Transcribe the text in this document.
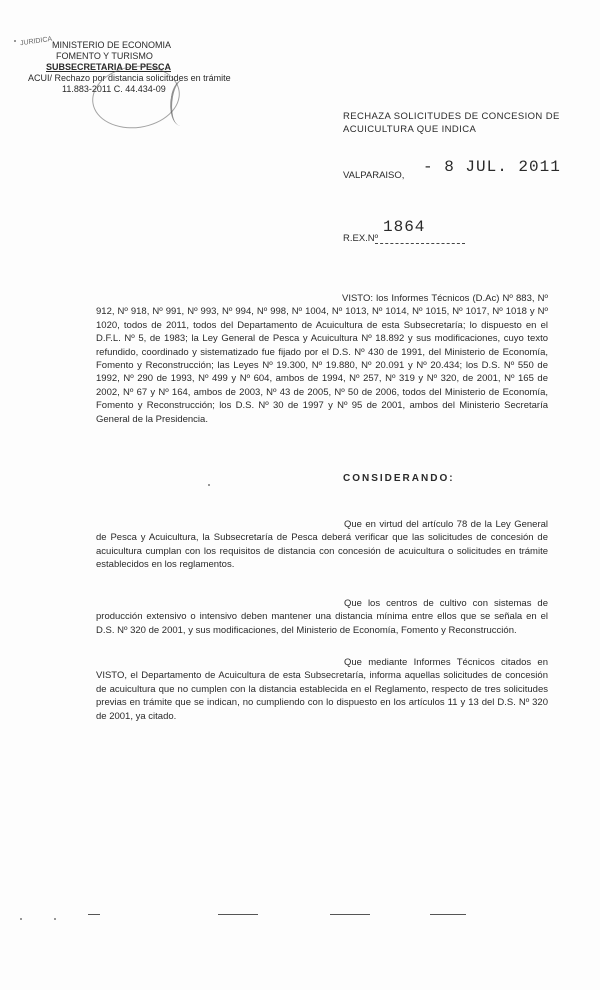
MINISTERIO DE ECONOMIA
FOMENTO Y TURISMO
SUBSECRETARIA DE PESCA
ACUI/ Rechazo por distancia solicitudes en trámite
11.883-2011 C. 44.434-09
JURIDICA
RECHAZA SOLICITUDES DE CONCESION DE ACUICULTURA QUE INDICA
VALPARAISO, - 8 JUL. 2011
R.EX.Nº
1864
VISTO: los Informes Técnicos (D.Ac) Nº 883, Nº 912, Nº 918, Nº 991, Nº 993, Nº 994, Nº 998, Nº 1004, Nº 1013, Nº 1014, Nº 1015, Nº 1017, Nº 1018 y Nº 1020, todos de 2011, todos del Departamento de Acuicultura de esta Subsecretaría; lo dispuesto en el D.F.L. Nº 5, de 1983; la Ley General de Pesca y Acuicultura Nº 18.892 y sus modificaciones, cuyo texto refundido, coordinado y sistematizado fue fijado por el D.S. Nº 430 de 1991, del Ministerio de Economía, Fomento y Reconstrucción; las Leyes Nº 19.300, Nº 19.880, Nº 20.091 y Nº 20.434; los D.S. Nº 550 de 1992, Nº 290 de 1993, Nº 499 y Nº 604, ambos de 1994, Nº 257, Nº 319 y Nº 320, de 2001, Nº 165 de 2002, Nº 67 y Nº 164, ambos de 2003, Nº 43 de 2005, Nº 50 de 2006, todos del Ministerio de Economía, Fomento y Reconstrucción; los D.S. Nº 30 de 1997 y Nº 95 de 2001, ambos del Ministerio Secretaría General de la Presidencia.
CONSIDERANDO:
Que en virtud del artículo 78 de la Ley General de Pesca y Acuicultura, la Subsecretaría de Pesca deberá verificar que las solicitudes de concesión de acuicultura cumplan con los requisitos de distancia con concesión de acuicultura o solicitudes en trámite establecidos en los reglamentos.
Que los centros de cultivo con sistemas de producción extensivo o intensivo deben mantener una distancia mínima entre ellos que se señala en el D.S. Nº 320 de 2001, y sus modificaciones, del Ministerio de Economía, Fomento y Reconstrucción.
Que mediante Informes Técnicos citados en VISTO, el Departamento de Acuicultura de esta Subsecretaría, informa aquellas solicitudes de concesión de acuicultura que no cumplen con la distancia establecida en el Reglamento, respecto de tres solicitudes previas en trámite que se indican, no cumpliendo con lo dispuesto en los artículos 11 y 13 del D.S. Nº 320 de 2001, ya citado.
